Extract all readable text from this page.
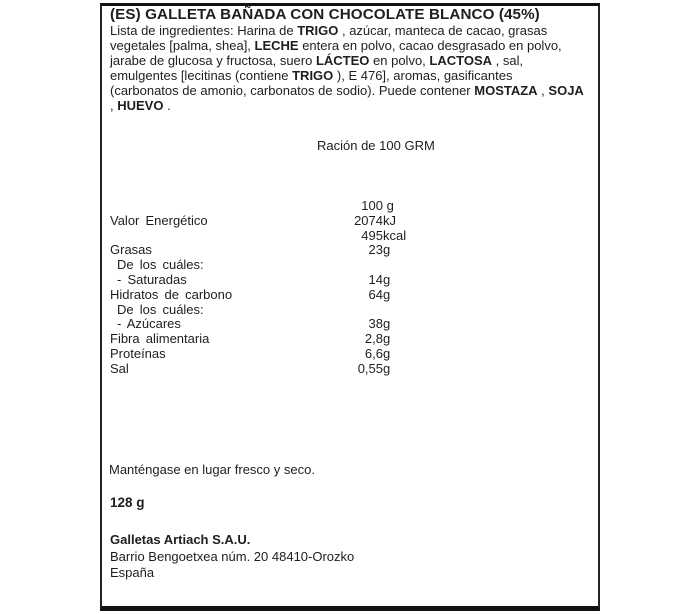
(ES) GALLETA BAÑADA CON CHOCOLATE BLANCO (45%)
Lista de ingredientes: Harina de TRIGO , azúcar, manteca de cacao, grasas
vegetales [palma, shea], LECHE entera en polvo, cacao desgrasado en polvo,
jarabe de glucosa y fructosa, suero LÁCTEO en polvo, LACTOSA , sal,
emulgentes [lecitinas (contiene TRIGO ), E 476], aromas, gasificantes
(carbonatos de amonio, carbonatos de sodio). Puede contener MOSTAZA , SOJA
, HUEVO .
Ración de 100 GRM
100 g
Valor Energético	2074kJ
495kcal
Grasas	23g
De los cuáles:
- Saturadas	14g
Hidratos de carbono	64g
De los cuáles:
- Azúcares	38g
Fibra alimentaria	2,8g
Proteínas	6,6g
Sal	0,55g
Manténgase en lugar fresco y seco.
128 g
Galletas Artiach S.A.U.
Barrio Bengoetxea núm. 20 48410-Orozko
España
